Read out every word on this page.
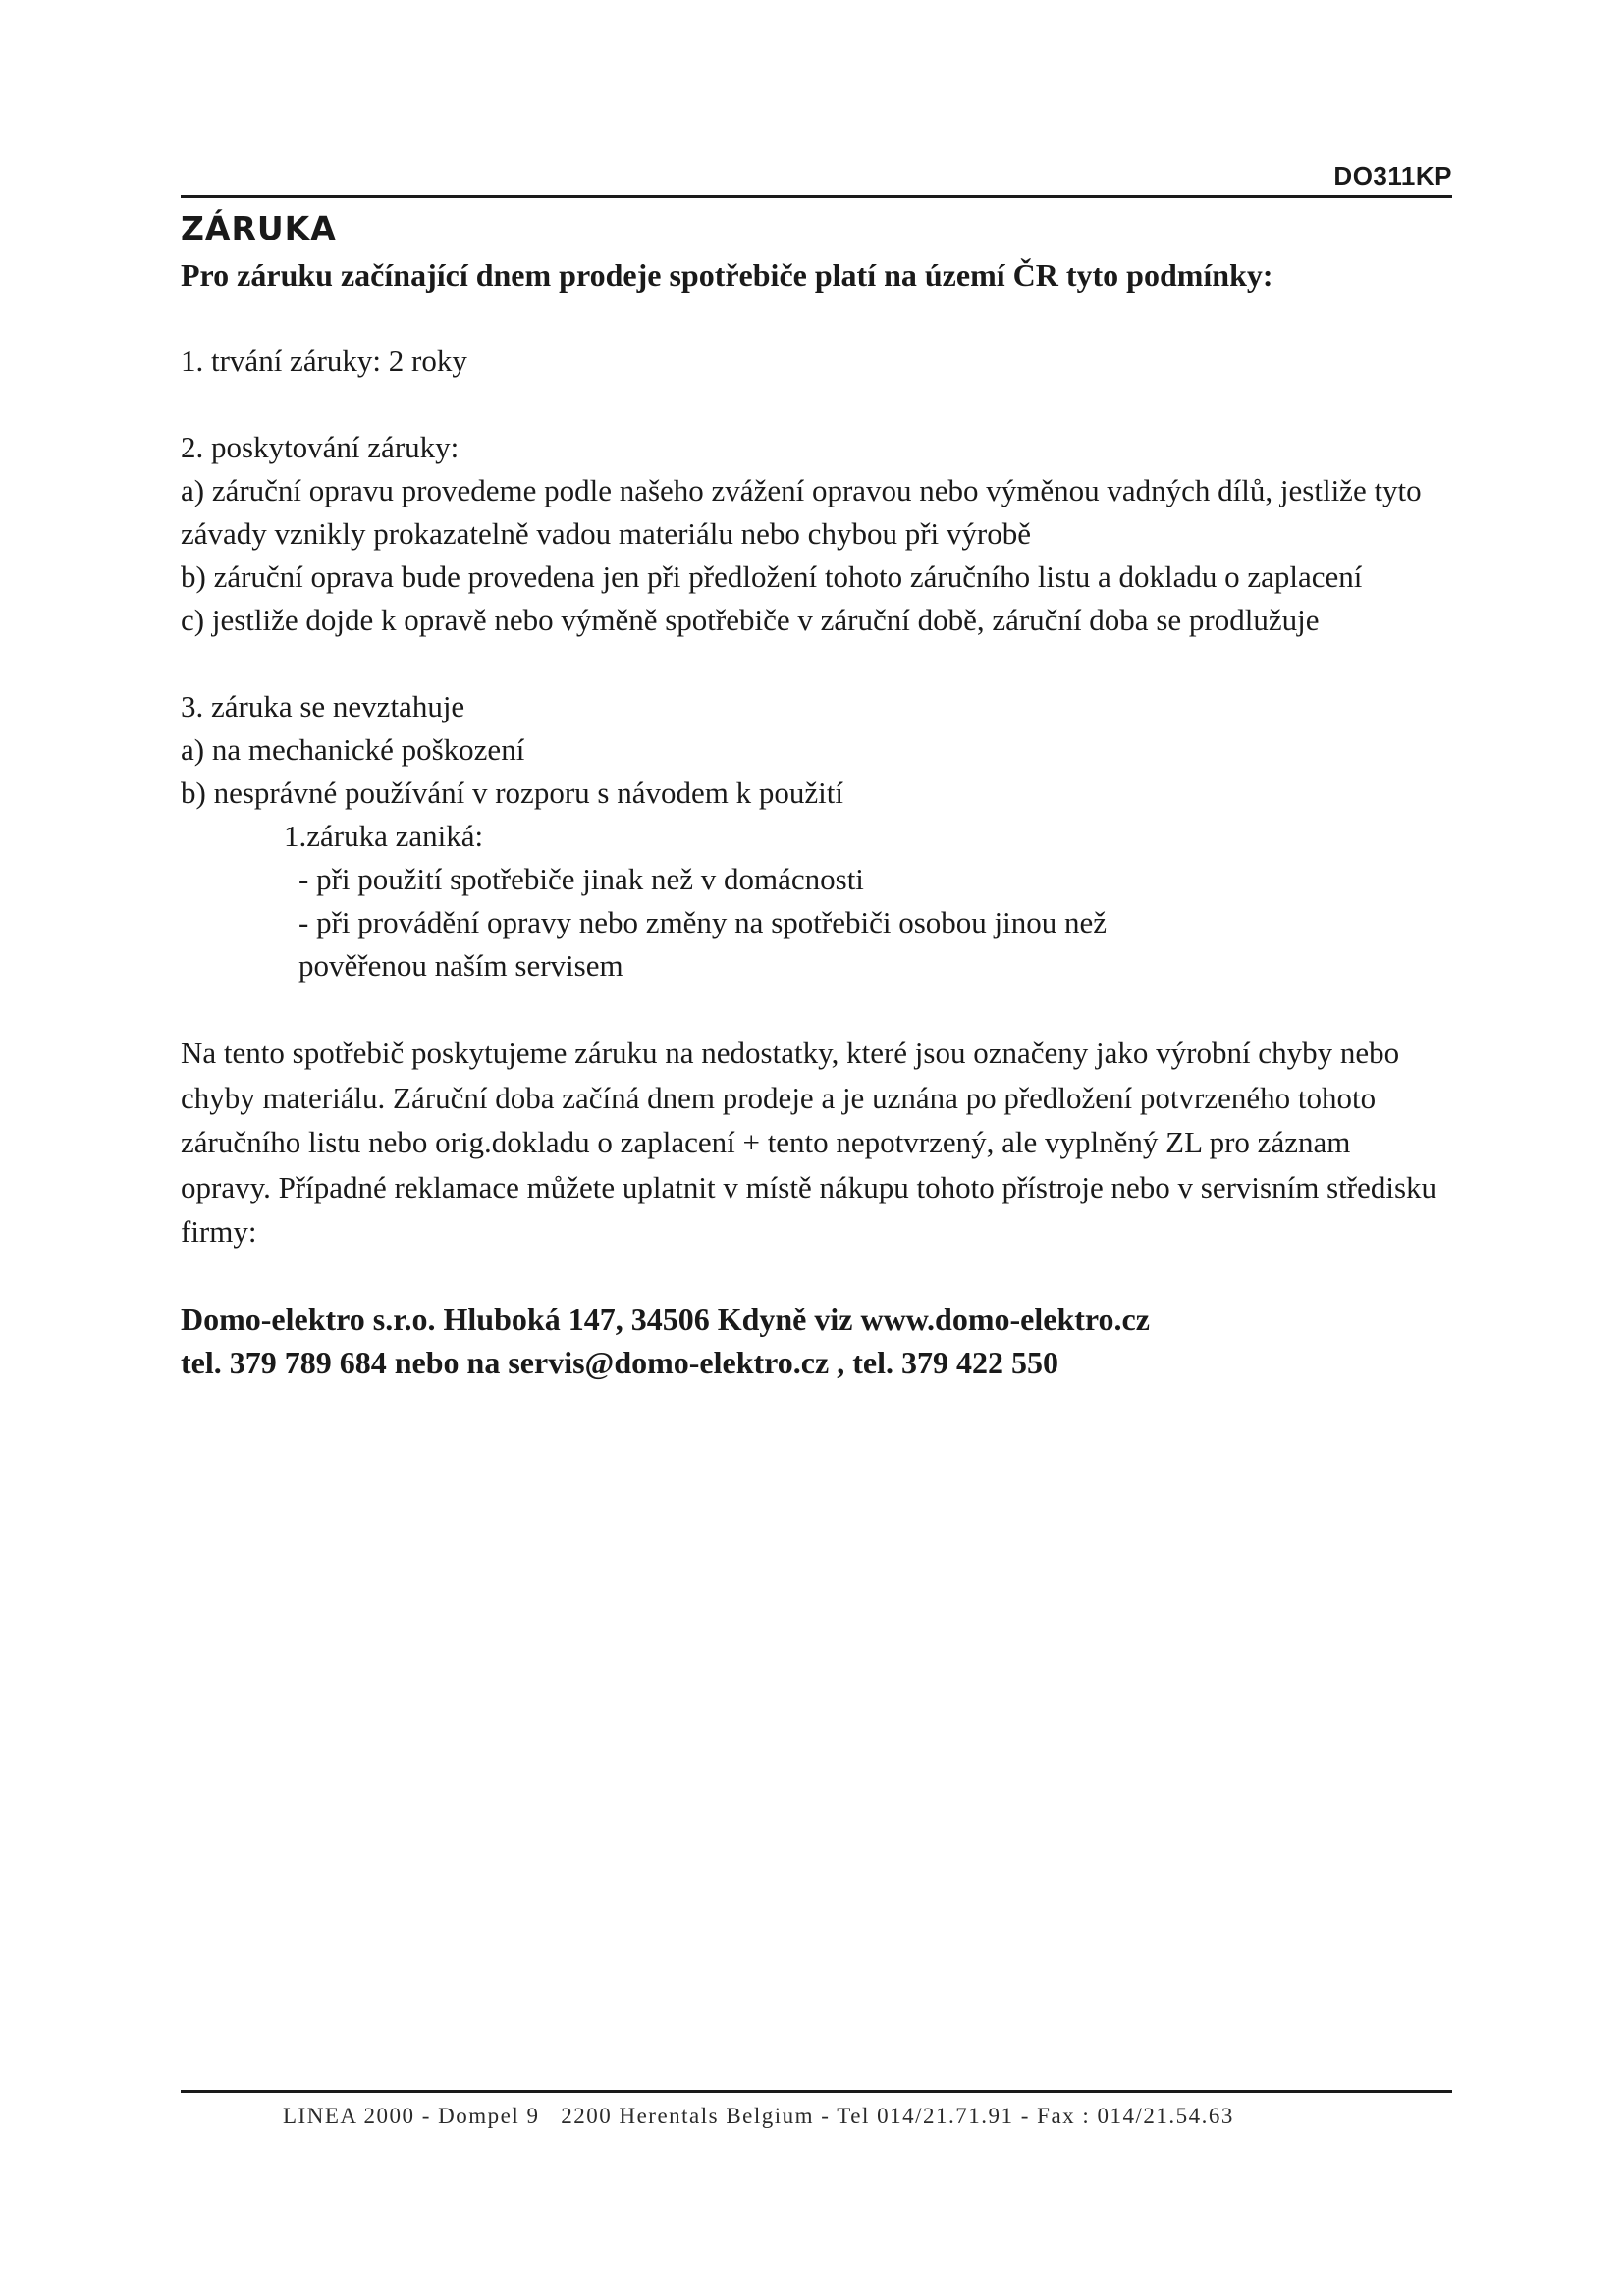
DO311KP
ZÁRUKA

Pro záruku začínající dnem prodeje spotřebiče platí na území ČR tyto podmínky:

1. trvání záruky: 2 roky

2. poskytování záruky:

a) záruční opravu provedeme podle našeho zvážení opravou nebo výměnou vadných dílů, jestliže tyto závady vznikly prokazatelně vadou materiálu nebo chybou při výrobě

b) záruční oprava bude provedena jen při předložení tohoto záručního listu a dokladu o zaplacení

c) jestliže dojde k opravě nebo výměně spotřebiče v záruční době, záruční doba se prodlužuje

3. záruka se nevztahuje

a) na mechanické poškození

b) nesprávné používání v rozporu s návodem k použití

1.záruka zaniká:

- při použití spotřebiče jinak než v domácnosti

- při provádění opravy nebo změny na spotřebiči osobou jinou než pověřenou naším servisem

Na tento spotřebič poskytujeme záruku na nedostatky, které jsou označeny jako výrobní chyby nebo chyby materiálu. Záruční doba začíná dnem prodeje a je uznána po předložení potvrzeného tohoto záručního listu nebo orig.dokladu o zaplacení + tento nepotvrzený, ale vyplněný ZL pro záznam opravy. Případné reklamace můžete uplatnit v místě nákupu tohoto přístroje nebo v servisním středisku firmy:

Domo-elektro s.r.o. Hluboká 147, 34506 Kdyně viz www.domo-elektro.cz

tel. 379 789 684 nebo na servis@domo-elektro.cz , tel. 379 422 550

LINEA 2000 - Dompel 9   2200 Herentals Belgium - Tel 014/21.71.91 - Fax : 014/21.54.63
